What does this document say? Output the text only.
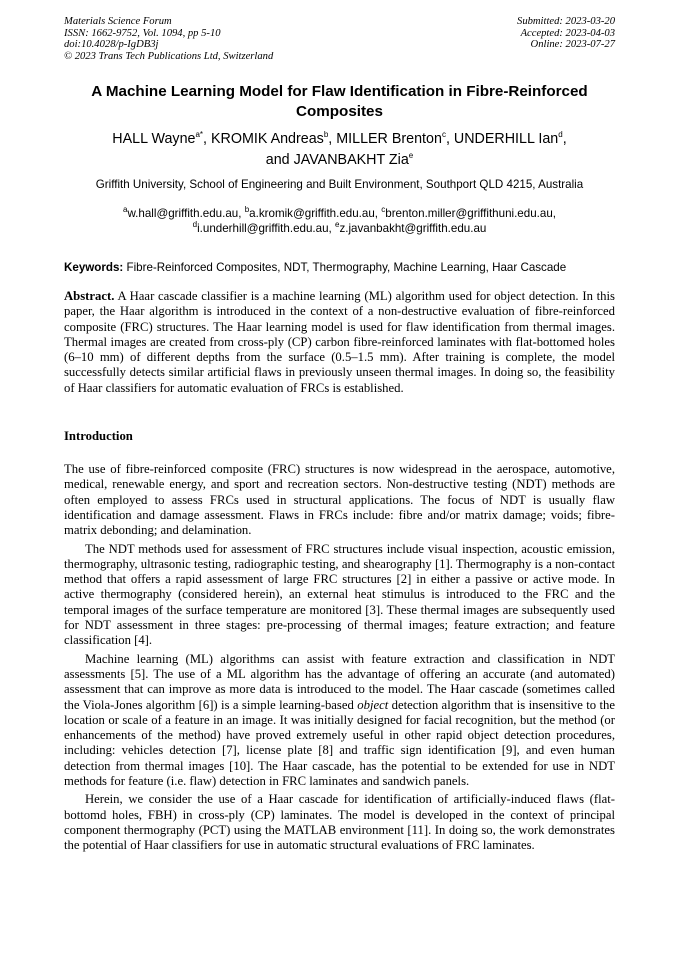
Materials Science Forum
ISSN: 1662-9752, Vol. 1094, pp 5-10
doi:10.4028/p-IgDB3j
© 2023 Trans Tech Publications Ltd, Switzerland
Submitted: 2023-03-20
Accepted: 2023-04-03
Online: 2023-07-27
A Machine Learning Model for Flaw Identification in Fibre-Reinforced Composites
HALL Wayne$^{a*}$, KROMIK Andreas$^b$, MILLER Brenton$^c$, UNDERHILL Ian$^d$,
and JAVANBAKHT Zia$^e$
Griffith University, School of Engineering and Built Environment, Southport QLD 4215, Australia
$^a$w.hall@griffith.edu.au, $^b$a.kromik@griffith.edu.au, $^c$brenton.miller@griffithuni.edu.au,
$^d$i.underhill@griffith.edu.au, $^e$z.javanbakht@griffith.edu.au
Keywords: Fibre-Reinforced Composites, NDT, Thermography, Machine Learning, Haar Cascade

Abstract. A Haar cascade classifier is a machine learning (ML) algorithm used for object detection. In this paper, the Haar algorithm is introduced in the context of a non-destructive evaluation of fibre-reinforced composite (FRC) structures. The Haar learning model is used for flaw identification from thermal images. Thermal images are created from cross-ply (CP) carbon fibre-reinforced laminates with flat-bottomed holes (6–10 mm) of different depths from the surface (0.5–1.5 mm). After training is complete, the model successfully detects similar artificial flaws in previously unseen thermal images. In doing so, the feasibility of Haar classifiers for automatic evaluation of FRCs is established.

Introduction

The use of fibre-reinforced composite (FRC) structures is now widespread in the aerospace, automotive, medical, renewable energy, and sport and recreation sectors. Non-destructive testing (NDT) methods are often employed to assess FRCs used in structural applications. The focus of NDT is usually flaw identification and damage assessment. Flaws in FRCs include: fibre and/or matrix damage; voids; fibre-matrix debonding; and delamination.

The NDT methods used for assessment of FRC structures include visual inspection, acoustic emission, thermography, ultrasonic testing, radiographic testing, and shearography [1]. Thermography is a non-contact method that offers a rapid assessment of large FRC structures [2] in either a passive or active mode. In active thermography (considered herein), an external heat stimulus is introduced to the FRC and the temporal images of the surface temperature are monitored [3]. These thermal images are subsequently used for NDT assessment in three stages: pre-processing of thermal images; feature extraction; and feature classification [4].

Machine learning (ML) algorithms can assist with feature extraction and classification in NDT assessments [5]. The use of a ML algorithm has the advantage of offering an accurate (and automated) assessment that can improve as more data is introduced to the model. The Haar cascade (sometimes called the Viola-Jones algorithm [6]) is a simple learning-based object detection algorithm that is insensitive to the location or scale of a feature in an image. It was initially designed for facial recognition, but the method (or enhancements of the method) have proved extremely useful in other rapid object detection procedures, including: vehicles detection [7], license plate [8] and traffic sign identification [9], and even human detection from thermal images [10]. The Haar cascade, has the potential to be extended for use in NDT methods for feature (i.e. flaw) detection in FRC laminates and sandwich panels.

Herein, we consider the use of a Haar cascade for identification of artificially-induced flaws (flat-bottomd holes, FBH) in cross-ply (CP) laminates. The model is developed in the context of principal component thermography (PCT) using the MATLAB environment [11]. In doing so, the work demonstrates the potential of Haar classifiers for use in automatic structural evaluations of FRC laminates.
